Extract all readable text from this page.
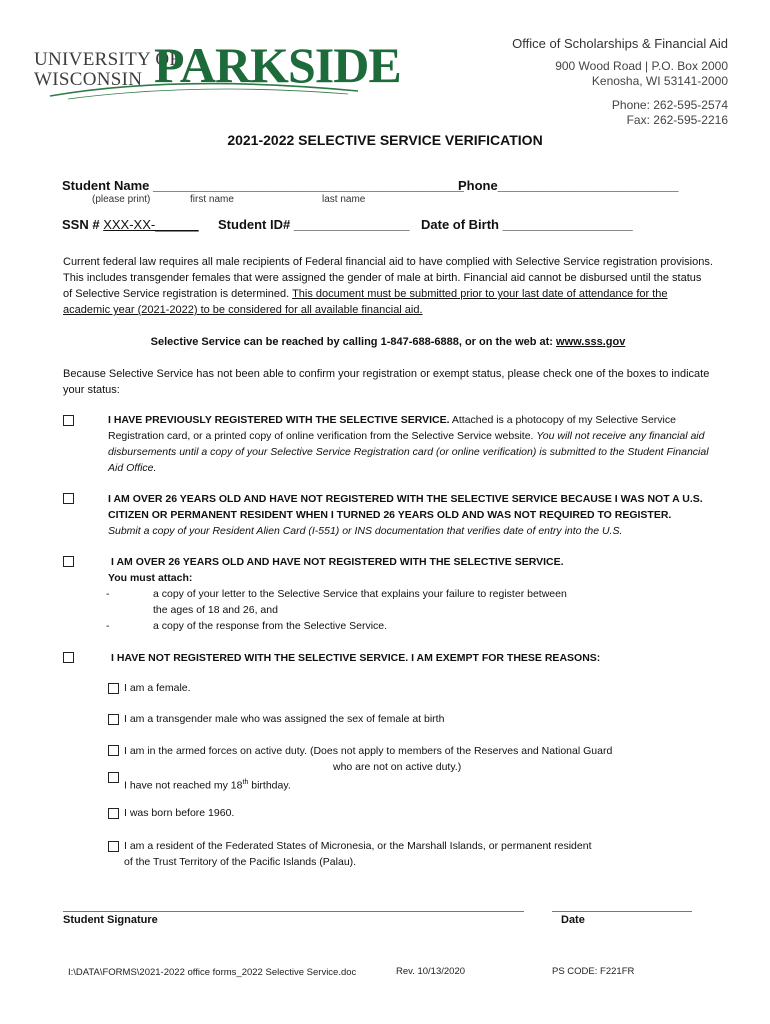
UNIVERSITY OF
WISCONSIN PARKSIDE	Office of Scholarships & Financial Aid
900 Wood Road | P.O. Box 2000
Kenosha, WI 53141-2000
Phone: 262-595-2574
Fax: 262-595-2216
2021-2022 SELECTIVE SERVICE VERIFICATION
Student Name ___________________________________________
Phone_________________________
(please print)	first name	last name
SSN # XXX-XX-______ Student ID# ________________ Date of Birth __________________
Current federal law requires all male recipients of Federal financial aid to have complied with Selective Service registration provisions. This includes transgender females that were assigned the gender of male at birth. Financial aid cannot be disbursed until the status of Selective Service registration is determined. This document must be submitted prior to your last date of attendance for the academic year (2021-2022) to be considered for all available financial aid.
Selective Service can be reached by calling 1-847-688-6888, or on the web at: www.sss.gov
Because Selective Service has not been able to confirm your registration or exempt status, please check one of the boxes to indicate your status:
I HAVE PREVIOUSLY REGISTERED WITH THE SELECTIVE SERVICE. Attached is a photocopy of my Selective Service Registration card, or a printed copy of online verification from the Selective Service website. You will not receive any financial aid disbursements until a copy of your Selective Service Registration card (or online verification) is submitted to the Student Financial Aid Office.
I AM OVER 26 YEARS OLD AND HAVE NOT REGISTERED WITH THE SELECTIVE SERVICE BECAUSE I WAS NOT A U.S. CITIZEN OR PERMANENT RESIDENT WHEN I TURNED 26 YEARS OLD AND WAS NOT REQUIRED TO REGISTER.
Submit a copy of your Resident Alien Card (I-551) or INS documentation that verifies date of entry into the U.S.
I AM OVER 26 YEARS OLD AND HAVE NOT REGISTERED WITH THE SELECTIVE SERVICE.
You must attach:
-	a copy of your letter to the Selective Service that explains your failure to register between
the ages of 18 and 26, and
-	a copy of the response from the Selective Service.
I HAVE NOT REGISTERED WITH THE SELECTIVE SERVICE. I AM EXEMPT FOR THESE REASONS:
I am a female.
I am a transgender male who was assigned the sex of female at birth
I am in the armed forces on active duty. (Does not apply to members of the Reserves and National Guard
who are not on active duty.)
I have not reached my 18th birthday.
I was born before 1960.
I am a resident of the Federated States of Micronesia, or the Marshall Islands, or permanent resident
of the Trust Territory of the Pacific Islands (Palau).
Student Signature	Date
I:\DATA\FORMS\2021-2022 office forms_2022 Selective Service.doc	Rev. 10/13/2020	PS CODE: F221FR
